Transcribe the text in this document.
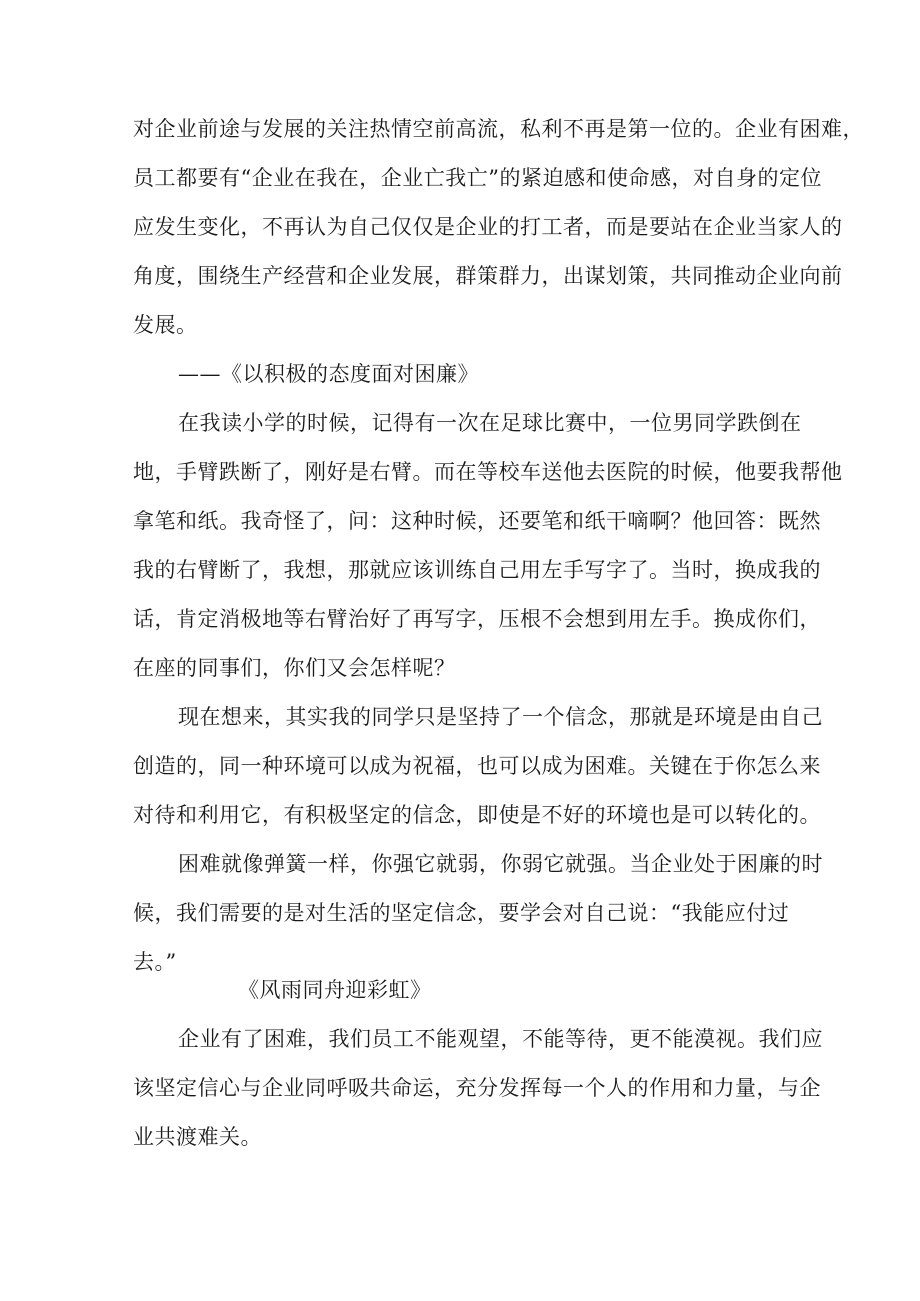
对企业前途与发展的关注热情空前高流，私利不再是第一位的。企业有困难，
员工都要有“企业在我在，企业亡我亡”的紧迫感和使命感，对自身的定位
应发生变化，不再认为自己仅仅是企业的打工者，而是要站在企业当家人的
角度，围绕生产经营和企业发展，群策群力，出谋划策，共同推动企业向前
发展。
——《以积极的态度面对困廉》
在我读小学的时候，记得有一次在足球比赛中，一位男同学跌倒在
地，手臂跌断了，刚好是右臂。而在等校车送他去医院的时候，他要我帮他
拿笔和纸。我奇怪了，问：这种时候，还要笔和纸干嘀啊？他回答：既然
我的右臂断了，我想，那就应该训练自己用左手写字了。当时，换成我的
话，肯定消极地等右臂治好了再写字，压根不会想到用左手。换成你们，
在座的同事们，你们又会怎样呢？
现在想来，其实我的同学只是坚持了一个信念，那就是环境是由自己
创造的，同一种环境可以成为祝福，也可以成为困难。关键在于你怎么来
对待和利用它，有积极坚定的信念，即使是不好的环境也是可以转化的。
困难就像弹簧一样，你强它就弱，你弱它就强。当企业处于困廉的时
候，我们需要的是对生活的坚定信念，要学会对自己说：“我能应付过
去。”
《风雨同舟迎彩虹》
企业有了困难，我们员工不能观望，不能等待，更不能漠视。我们应
该坚定信心与企业同呼吸共命运，充分发挥每一个人的作用和力量，与企
业共渡难关。
